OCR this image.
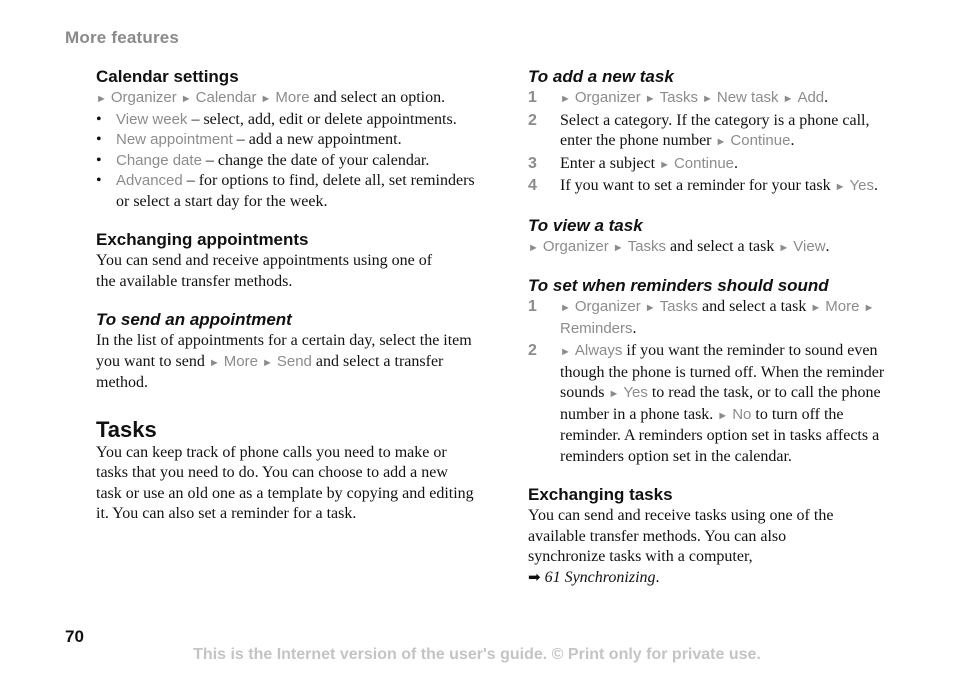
More features
Calendar settings

► Organizer ► Calendar ► More and select an option.

• View week – select, add, edit or delete appointments.
• New appointment – add a new appointment.
• Change date – change the date of your calendar.
• Advanced – for options to find, delete all, set reminders or select a start day for the week.
Exchanging appointments

You can send and receive appointments using one of the available transfer methods.

To send an appointment

In the list of appointments for a certain day, select the item you want to send ► More ► Send and select a transfer method.

Tasks

You can keep track of phone calls you need to make or tasks that you need to do. You can choose to add a new task or use an old one as a template by copying and editing it. You can also set a reminder for a task.

To add a new task
1 ► Organizer ► Tasks ► New task ► Add.
2 Select a category. If the category is a phone call, enter the phone number ► Continue.
3 Enter a subject ► Continue.
4 If you want to set a reminder for your task ► Yes.
To view a task

► Organizer ► Tasks and select a task ► View.

To set when reminders should sound
1 ► Organizer ► Tasks and select a task ► More ► Reminders.
2 ► Always if you want the reminder to sound even though the phone is turned off. When the reminder sounds ► Yes to read the task, or to call the phone number in a phone task. ► No to turn off the reminder. A reminders option set in tasks affects a reminders option set in the calendar.
Exchanging tasks

You can send and receive tasks using one of the available transfer methods. You can also synchronize tasks with a computer,

➡ 61 Synchronizing.

70
This is the Internet version of the user's guide. © Print only for private use.
